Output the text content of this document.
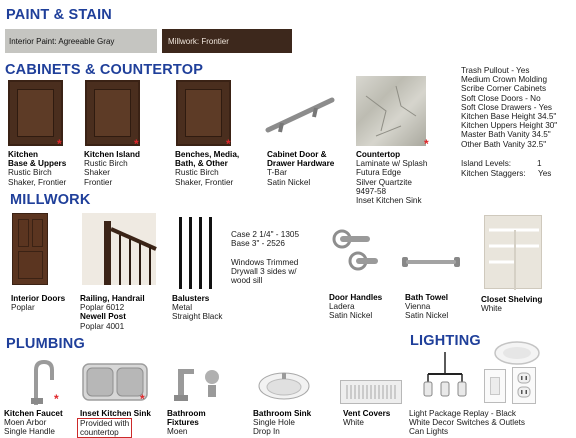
PAINT & STAIN
Interior Paint: Agreeable Gray	Millwork: Frontier
CABINETS & COUNTERTOP
*
Kitchen
Base & Uppers
Rustic Birch
Shaker, Frontier
*
Kitchen Island
Rustic Birch
Shaker
Frontier
*
Benches, Media,
Bath, & Other
Rustic Birch
Shaker, Frontier
Cabinet Door &
Drawer Hardware
T-Bar
Satin Nickel
*
Countertop
Laminate w/ Splash
Futura Edge
Silver Quartzite
9497-58
Inset Kitchen Sink
Trash Pullout - Yes
Medium Crown Molding
Scribe Corner Cabinets
Soft Close Doors - No
Soft Close Drawers - Yes
Kitchen Base Height 34.5"
Kitchen Uppers Height 30"
Master Bath Vanity 34.5"
Other Bath Vanity 32.5"
Island Levels:	1
Kitchen Staggers: Yes
MILLWORK
Interior Doors
Poplar
Railing, Handrail
Poplar 6012
Newell Post
Poplar 4001
Balusters
Metal
Straight Black
Case 2 1/4" - 1305
Base 3" - 2526
Windows Trimmed
Drywall 3 sides w/
wood sill
Door Handles
Ladera
Satin Nickel
Bath Towel
Vienna
Satin Nickel
Closet Shelving
White
PLUMBING
*
Kitchen Faucet
Moen Arbor
Single Handle
*
Inset Kitchen Sink
Provided with
countertop
Bathroom
Fixtures
Moen
Bathroom Sink
Single Hole
Drop In
Vent Covers
White
LIGHTING
Light Package Replay - Black
White Decor Switches & Outlets
Can Lights
